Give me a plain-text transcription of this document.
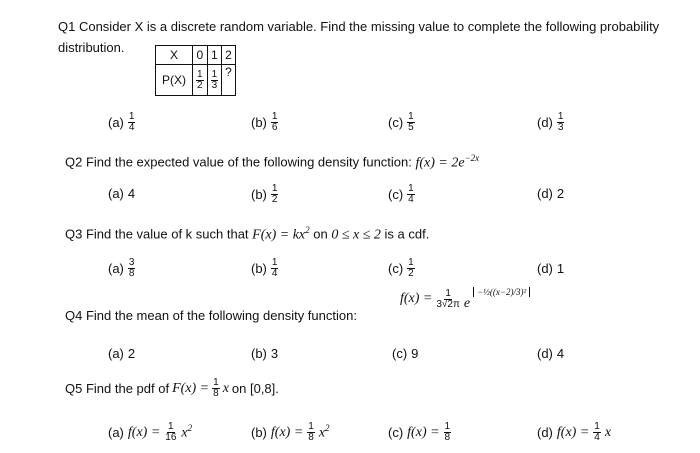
Q1 Consider X is a discrete random variable. Find the missing value to complete the following probability
distribution.	X	0	1	2
P(X)	$\frac{1}{2}$	$\frac{1}{3}$	?
$(a) \frac{1}{4}$	$(b) \frac{1}{6}$	$(c) \frac{1}{5}$	$(d) \frac{1}{3}$
Q2 Find the expected value of the following density function: $f(x) = 2e^{-2x}$
(a) 4	$(b) \frac{1}{2}$	$(c) \frac{1}{4}$	(d) 2
Q3 Find the value of k such that $F(x) = kx^2$ on 0 ≤ x ≤ 2 is a cdf.
$(a) \frac{3}{8}$	$(b) \frac{1}{4}$	$(c) \frac{1}{2}$	(d) 1
Q4 Find the mean of the following density function:
$f(x) = \frac{1}{3√2\pi}$ e
−½((x−2)/3)²
(a) 2	(b) 3	(c) 9	(d) 4
Q5 Find the pdf of $F(x) = \frac{1}{8}$ x on [0,8].
(a) $f(x) = \frac{1}{16} x^2$	(b) $f(x) = \frac{1}{8} x^2$	(c) $f(x) = \frac{1}{8}$	(d) $f(x) = \frac{1}{4}$ x
